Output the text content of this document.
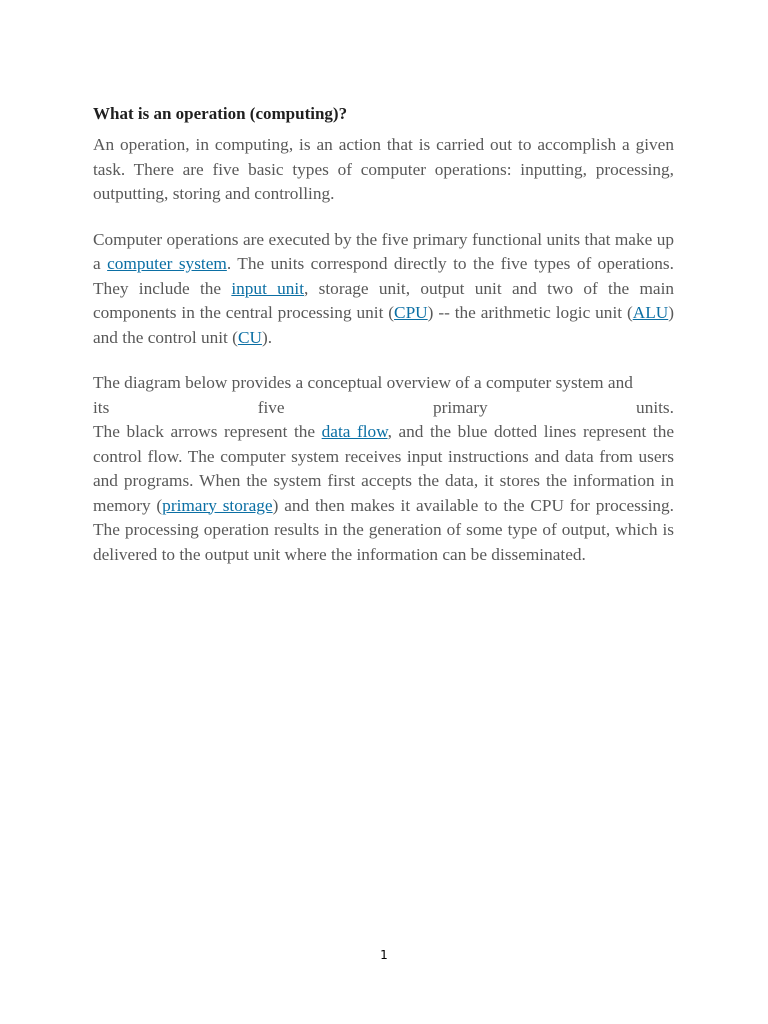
What is an operation (computing)?

An operation, in computing, is an action that is carried out to accomplish a given task. There are five basic types of computer operations: inputting, processing, outputting, storing and controlling.

Computer operations are executed by the five primary functional units that make up a computer system. The units correspond directly to the five types of operations. They include the input unit, storage unit, output unit and two of the main components in the central processing unit (CPU) -- the arithmetic logic unit (ALU) and the control unit (CU).

The diagram below provides a conceptual overview of a computer system and

its	five	primary	units.

The black arrows represent the data flow, and the blue dotted lines represent the control flow. The computer system receives input instructions and data from users and programs. When the system first accepts the data, it stores the information in memory (primary storage) and then makes it available to the CPU for processing. The processing operation results in the generation of some type of output, which is delivered to the output unit where the information can be disseminated.

1
